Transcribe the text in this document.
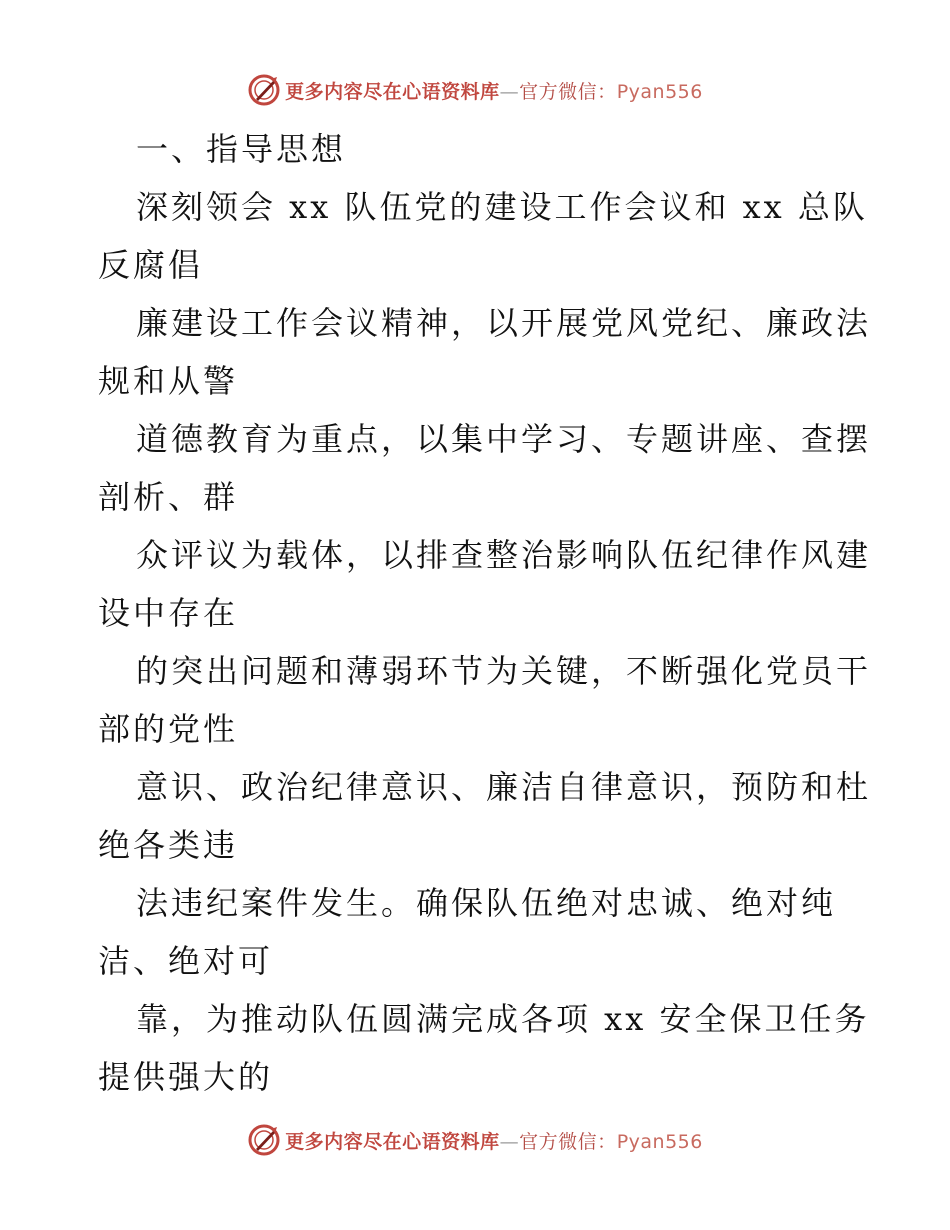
更多内容尽在心语资料库—官方微信：Pyan556
一、指导思想
深刻领会 xx 队伍党的建设工作会议和 xx 总队
反腐倡
廉建设工作会议精神，以开展党风党纪、廉政法
规和从警
道德教育为重点，以集中学习、专题讲座、查摆
剖析、群
众评议为载体，以排查整治影响队伍纪律作风建
设中存在
的突出问题和薄弱环节为关键，不断强化党员干
部的党性
意识、政治纪律意识、廉洁自律意识，预防和杜
绝各类违
法违纪案件发生。确保队伍绝对忠诚、绝对纯
洁、绝对可
靠，为推动队伍圆满完成各项 xx 安全保卫任务
提供强大的
更多内容尽在心语资料库—官方微信：Pyan556
